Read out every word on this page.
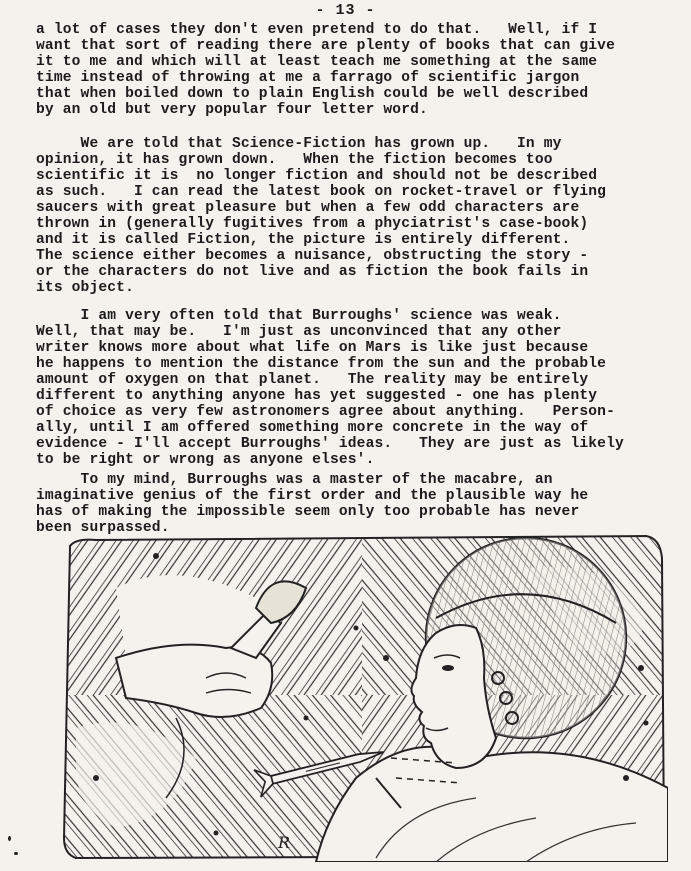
- 13 -
a lot of cases they don't even pretend to do that.   Well, if I
want that sort of reading there are plenty of books that can give
it to me and which will at least teach me something at the same
time instead of throwing at me a farrago of scientific jargon
that when boiled down to plain English could be well described
by an old but very popular four letter word.
We are told that Science-Fiction has grown up.   In my
opinion, it has grown down.   When the fiction becomes too
scientific it is  no longer fiction and should not be described
as such.   I can read the latest book on rocket-travel or flying
saucers with great pleasure but when a few odd characters are
thrown in (generally fugitives from a phyciatrist's case-book)
and it is called Fiction, the picture is entirely different.
The science either becomes a nuisance, obstructing the story -
or the characters do not live and as fiction the book fails in
its object.
I am very often told that Burroughs' science was weak.
Well, that may be.   I'm just as unconvinced that any other
writer knows more about what life on Mars is like just because
he happens to mention the distance from the sun and the probable
amount of oxygen on that planet.   The reality may be entirely
different to anything anyone has yet suggested - one has plenty
of choice as very few astronomers agree about anything.   Person-
ally, until I am offered something more concrete in the way of
evidence - I'll accept Burroughs' ideas.   They are just as likely
to be right or wrong as anyone elses'.
To my mind, Burroughs was a master of the macabre, an
imaginative genius of the first order and the plausible way he
has of making the impossible seem only too probable has never
been surpassed.
R
